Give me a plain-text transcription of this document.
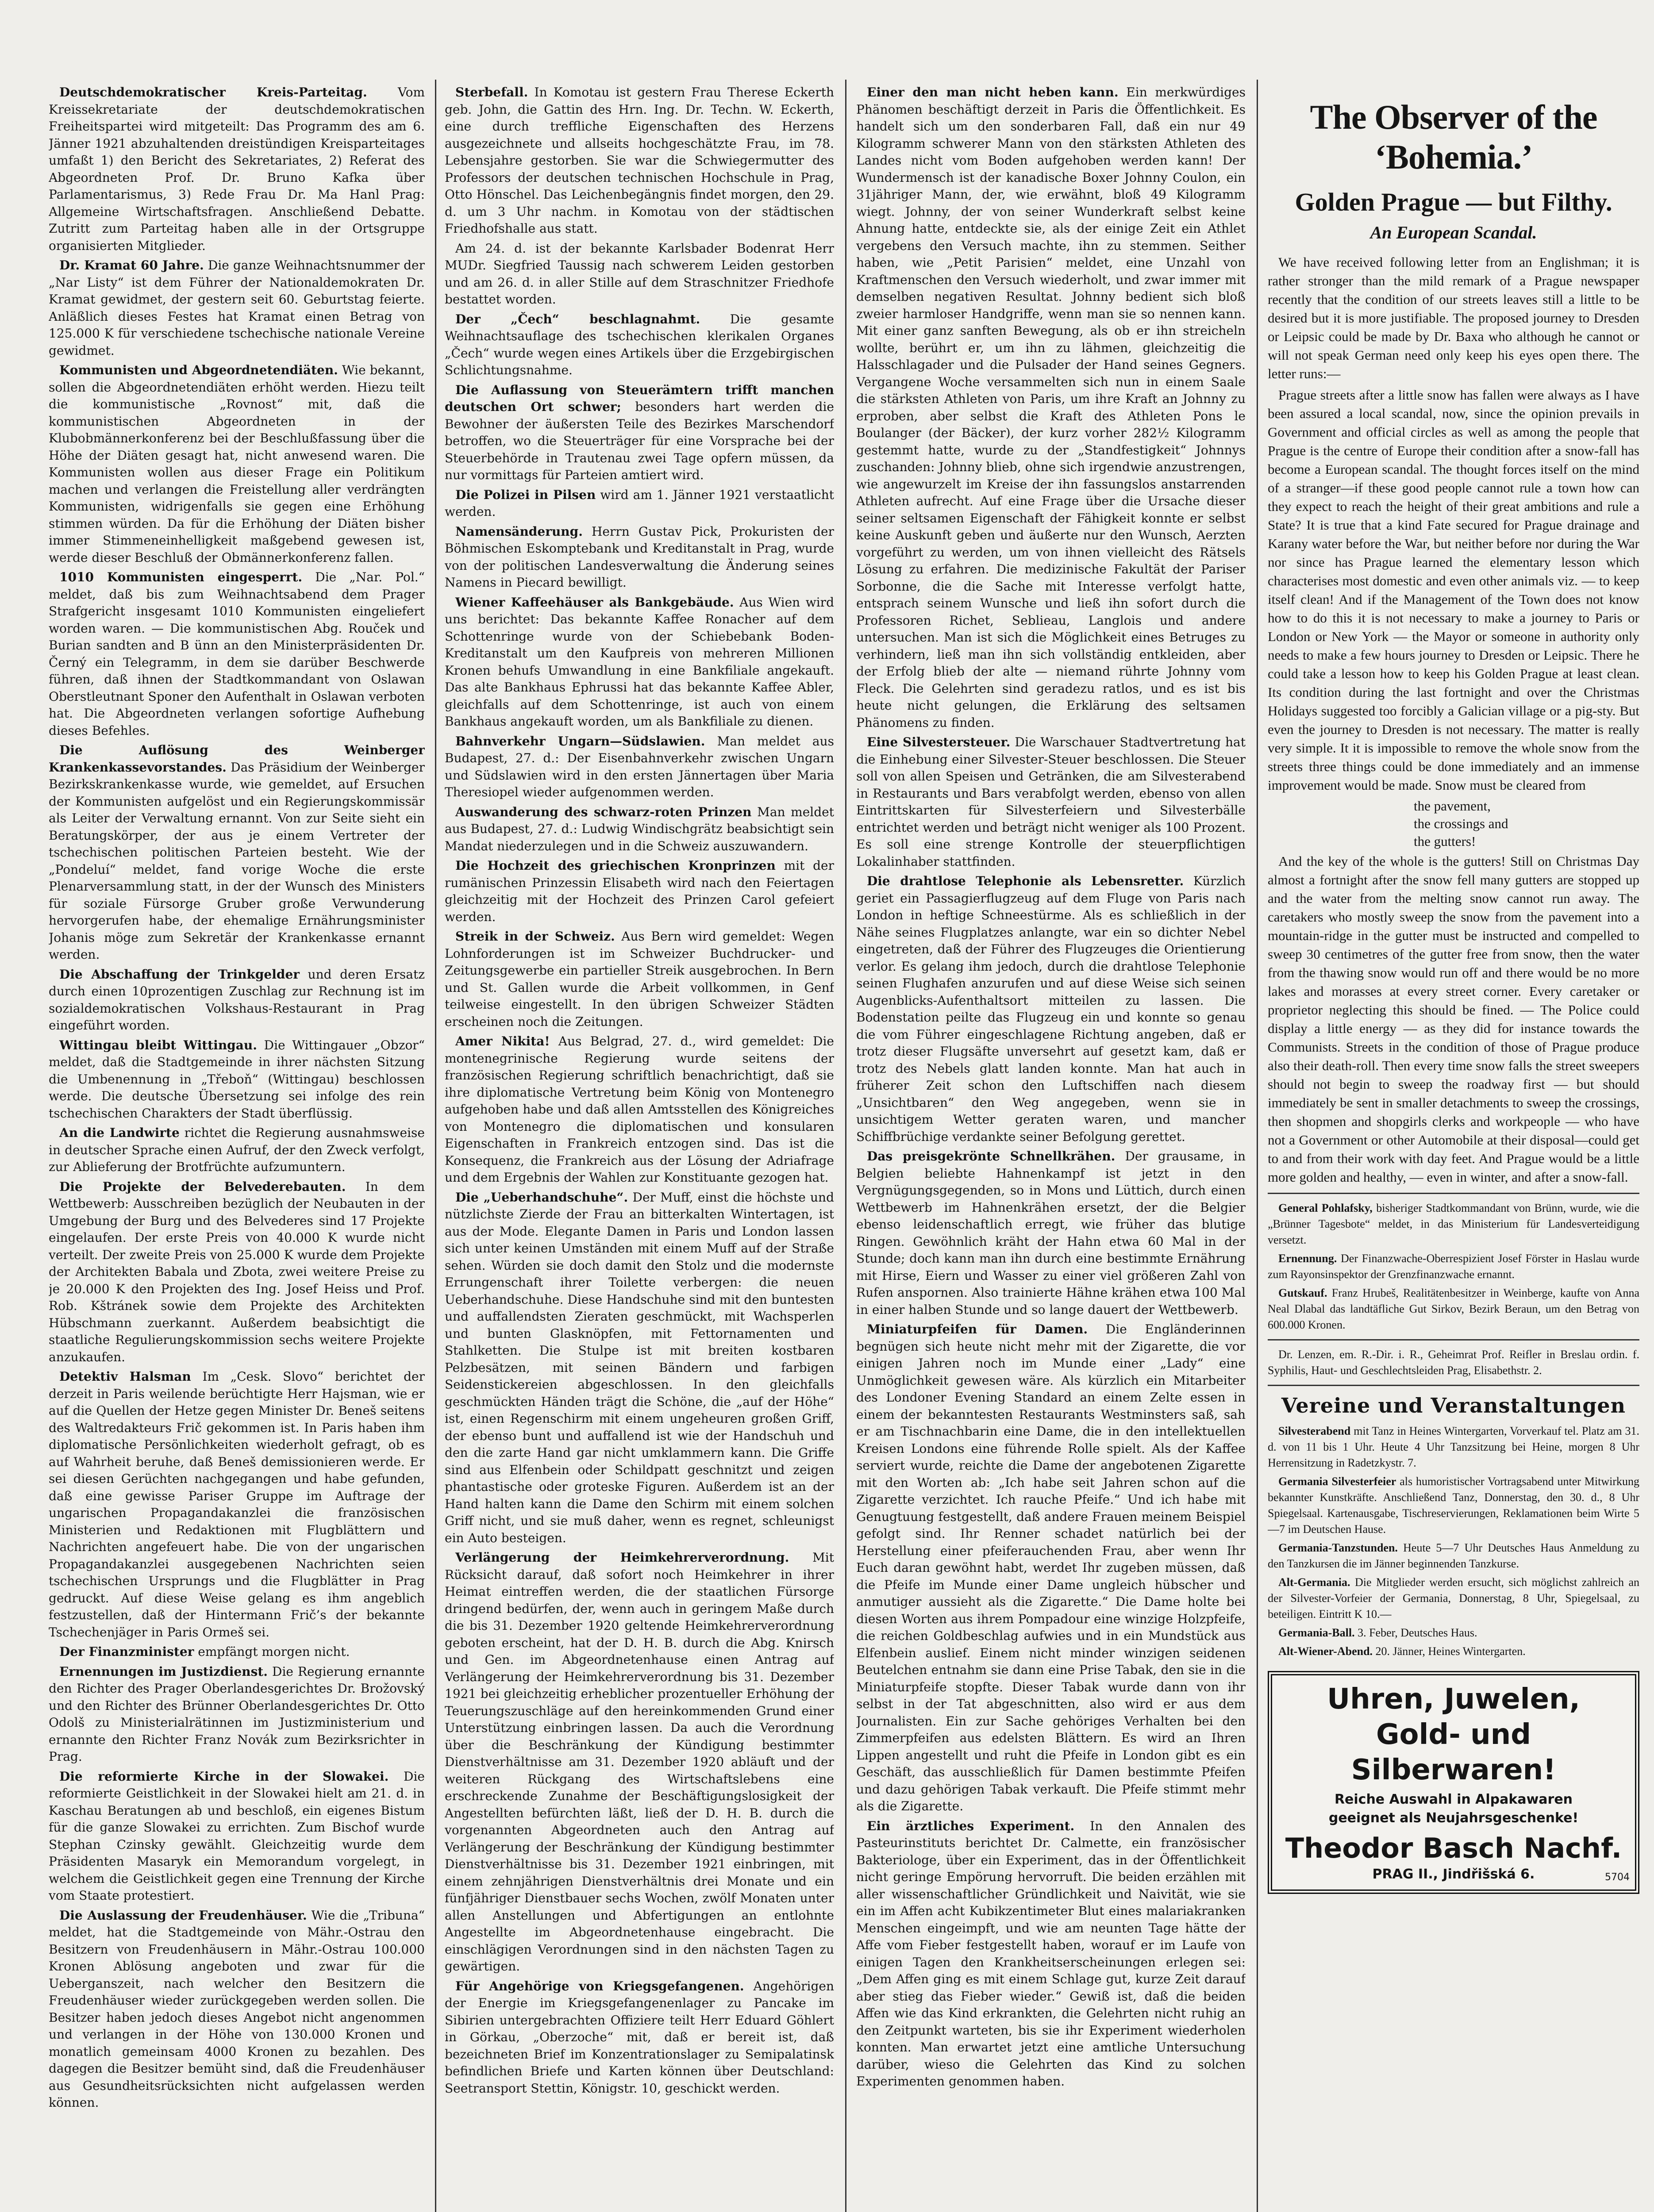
Deutschdemokratischer Kreis-Parteitag. Vom Kreissekretariate der deutschdemokratischen Freiheitspartei wird mitgeteilt: Das Programm des am 6. Jänner 1921 abzuhaltenden dreistündigen Kreisparteitages umfaßt 1) den Bericht des Sekretariates, 2) Referat des Abgeordneten Prof. Dr. Bruno Kafka über Parlamentarismus, 3) Rede Frau Dr. Ma Hanl Prag: Allgemeine Wirtschaftsfragen. Anschließend Debatte. Zutritt zum Parteitag haben alle in der Ortsgruppe organisierten Mitglieder.

Dr. Kramat 60 Jahre. Die ganze Weihnachtsnummer der „Nar Listy“ ist dem Führer der Nationaldemokraten Dr. Kramat gewidmet, der gestern seit 60. Geburtstag feierte. Anläßlich dieses Festes hat Kramat einen Betrag von 125.000 K für verschiedene tschechische nationale Vereine gewidmet.

Kommunisten und Abgeordnetendiäten. Wie bekannt, sollen die Abgeordnetendiäten erhöht werden. Hiezu teilt die kommunistische „Rovnost“ mit, daß die kommunistischen Abgeordneten in der Klubobmännerkonferenz bei der Beschlußfassung über die Höhe der Diäten gesagt hat, nicht anwesend waren. Die Kommunisten wollen aus dieser Frage ein Politikum machen und verlangen die Freistellung aller verdrängten Kommunisten, widrigenfalls sie gegen eine Erhöhung stimmen würden. Da für die Erhöhung der Diäten bisher immer Stimmeneinhelligkeit maßgebend gewesen ist, werde dieser Beschluß der Obmännerkonferenz fallen.

1010 Kommunisten eingesperrt. Die „Nar. Pol.“ meldet, daß bis zum Weihnachtsabend dem Prager Strafgericht insgesamt 1010 Kommunisten eingeliefert worden waren. — Die kommunistischen Abg. Rouček und Burian sandten and B ünn an den Ministerpräsidenten Dr. Černý ein Telegramm, in dem sie darüber Beschwerde führen, daß ihnen der Stadtkommandant von Oslawan Oberstleutnant Sponer den Aufenthalt in Oslawan verboten hat. Die Abgeordneten verlangen sofortige Aufhebung dieses Befehles.

Die Auflösung des Weinberger Krankenkassevorstandes. Das Präsidium der Weinberger Bezirkskrankenkasse wurde, wie gemeldet, auf Ersuchen der Kommunisten aufgelöst und ein Regierungskommissär als Leiter der Verwaltung ernannt. Von zur Seite sieht ein Beratungskörper, der aus je einem Vertreter der tschechischen politischen Parteien besteht. Wie der „Pondeluí“ meldet, fand vorige Woche die erste Plenarversammlung statt, in der der Wunsch des Ministers für soziale Fürsorge Gruber große Verwunderung hervorgerufen habe, der ehemalige Ernährungsminister Johanis möge zum Sekretär der Krankenkasse ernannt werden.

Die Abschaffung der Trinkgelder und deren Ersatz durch einen 10prozentigen Zuschlag zur Rechnung ist im sozialdemokratischen Volkshaus-Restaurant in Prag eingeführt worden.

Wittingau bleibt Wittingau. Die Wittingauer „Obzor“ meldet, daß die Stadtgemeinde in ihrer nächsten Sitzung die Umbenennung in „Třeboň“ (Wittingau) beschlossen werde. Die deutsche Übersetzung sei infolge des rein tschechischen Charakters der Stadt überflüssig.

An die Landwirte richtet die Regierung ausnahmsweise in deutscher Sprache einen Aufruf, der den Zweck verfolgt, zur Ablieferung der Brotfrüchte aufzumuntern.

Die Projekte der Belvederebauten. In dem Wettbewerb: Ausschreiben bezüglich der Neubauten in der Umgebung der Burg und des Belvederes sind 17 Projekte eingelaufen. Der erste Preis von 40.000 K wurde nicht verteilt. Der zweite Preis von 25.000 K wurde dem Projekte der Architekten Babala und Zbota, zwei weitere Preise zu je 20.000 K den Projekten des Ing. Josef Heiss und Prof. Rob. Kštránek sowie dem Projekte des Architekten Hübschmann zuerkannt. Außerdem beabsichtigt die staatliche Regulierungskommission sechs weitere Projekte anzukaufen.

Detektiv Halsman Im „Cesk. Slovo“ berichtet der derzeit in Paris weilende berüchtigte Herr Hajsman, wie er auf die Quellen der Hetze gegen Minister Dr. Beneš seitens des Waltredakteurs Frič gekommen ist. In Paris haben ihm diplomatische Persönlichkeiten wiederholt gefragt, ob es auf Wahrheit beruhe, daß Beneš demissionieren werde. Er sei diesen Gerüchten nachgegangen und habe gefunden, daß eine gewisse Pariser Gruppe im Auftrage der ungarischen Propagandakanzlei die französischen Ministerien und Redaktionen mit Flugblättern und Nachrichten angefeuert habe. Die von der ungarischen Propagandakanzlei ausgegebenen Nachrichten seien tschechischen Ursprungs und die Flugblätter in Prag gedruckt. Auf diese Weise gelang es ihm angeblich festzustellen, daß der Hintermann Frič’s der bekannte Tschechenjäger in Paris Ormeš sei.

Der Finanzminister empfängt morgen nicht.

Ernennungen im Justizdienst. Die Regierung ernannte den Richter des Prager Oberlandesgerichtes Dr. Brožovský und den Richter des Brünner Oberlandesgerichtes Dr. Otto Odolš zu Ministerialrätinnen im Justizministerium und ernannte den Richter Franz Novák zum Bezirksrichter in Prag.

Die reformierte Kirche in der Slowakei. Die reformierte Geistlichkeit in der Slowakei hielt am 21. d. in Kaschau Beratungen ab und beschloß, ein eigenes Bistum für die ganze Slowakei zu errichten. Zum Bischof wurde Stephan Czinsky gewählt. Gleichzeitig wurde dem Präsidenten Masaryk ein Memorandum vorgelegt, in welchem die Geistlichkeit gegen eine Trennung der Kirche vom Staate protestiert.

Die Auslassung der Freudenhäuser. Wie die „Tribuna“ meldet, hat die Stadtgemeinde von Mähr.-Ostrau den Besitzern von Freudenhäusern in Mähr.-Ostrau 100.000 Kronen Ablösung angeboten und zwar für die Ueberganszeit, nach welcher den Besitzern die Freudenhäuser wieder zurückgegeben werden sollen. Die Besitzer haben jedoch dieses Angebot nicht angenommen und verlangen in der Höhe von 130.000 Kronen und monatlich gemeinsam 4000 Kronen zu bezahlen. Des dagegen die Besitzer bemüht sind, daß die Freudenhäuser aus Gesundheitsrücksichten nicht aufgelassen werden können.

Sterbefall. In Komotau ist gestern Frau Therese Eckerth geb. John, die Gattin des Hrn. Ing. Dr. Techn. W. Eckerth, eine durch treffliche Eigenschaften des Herzens ausgezeichnete und allseits hochgeschätzte Frau, im 78. Lebensjahre gestorben. Sie war die Schwiegermutter des Professors der deutschen technischen Hochschule in Prag, Otto Hönschel. Das Leichenbegängnis findet morgen, den 29. d. um 3 Uhr nachm. in Komotau von der städtischen Friedhofshalle aus statt.

Am 24. d. ist der bekannte Karlsbader Bodenrat Herr MUDr. Siegfried Taussig nach schwerem Leiden gestorben und am 26. d. in aller Stille auf dem Straschnitzer Friedhofe bestattet worden.

Der „Čech“ beschlagnahmt. Die gesamte Weihnachtsauflage des tschechischen klerikalen Organes „Čech“ wurde wegen eines Artikels über die Erzgebirgischen Schlichtungsnahme.

Die Auflassung von Steuerämtern trifft manchen deutschen Ort schwer; besonders hart werden die Bewohner der äußersten Teile des Bezirkes Marschendorf betroffen, wo die Steuerträger für eine Vorsprache bei der Steuerbehörde in Trautenau zwei Tage opfern müssen, da nur vormittags für Parteien amtiert wird.

Die Polizei in Pilsen wird am 1. Jänner 1921 verstaatlicht werden.

Namensänderung. Herrn Gustav Pick, Prokuristen der Böhmischen Eskomptebank und Kreditanstalt in Prag, wurde von der politischen Landesverwaltung die Änderung seines Namens in Piecard bewilligt.

Wiener Kaffeehäuser als Bankgebäude. Aus Wien wird uns berichtet: Das bekannte Kaffee Ronacher auf dem Schottenringe wurde von der Schiebebank Boden-Kreditanstalt um den Kaufpreis von mehreren Millionen Kronen behufs Umwandlung in eine Bankfiliale angekauft. Das alte Bankhaus Ephrussi hat das bekannte Kaffee Abler, gleichfalls auf dem Schottenringe, ist auch von einem Bankhaus angekauft worden, um als Bankfiliale zu dienen.

Bahnverkehr Ungarn—Südslawien. Man meldet aus Budapest, 27. d.: Der Eisenbahnverkehr zwischen Ungarn und Südslawien wird in den ersten Jännertagen über Maria Theresiopel wieder aufgenommen werden.

Auswanderung des schwarz-roten Prinzen Man meldet aus Budapest, 27. d.: Ludwig Windischgrätz beabsichtigt sein Mandat niederzulegen und in die Schweiz auszuwandern.

Die Hochzeit des griechischen Kronprinzen mit der rumänischen Prinzessin Elisabeth wird nach den Feiertagen gleichzeitig mit der Hochzeit des Prinzen Carol gefeiert werden.

Streik in der Schweiz. Aus Bern wird gemeldet: Wegen Lohnforderungen ist im Schweizer Buchdrucker- und Zeitungsgewerbe ein partieller Streik ausgebrochen. In Bern und St. Gallen wurde die Arbeit vollkommen, in Genf teilweise eingestellt. In den übrigen Schweizer Städten erscheinen noch die Zeitungen.

Amer Nikita! Aus Belgrad, 27. d., wird gemeldet: Die montenegrinische Regierung wurde seitens der französischen Regierung schriftlich benachrichtigt, daß sie ihre diplomatische Vertretung beim König von Montenegro aufgehoben habe und daß allen Amtsstellen des Königreiches von Montenegro die diplomatischen und konsularen Eigenschaften in Frankreich entzogen sind. Das ist die Konsequenz, die Frankreich aus der Lösung der Adriafrage und dem Ergebnis der Wahlen zur Konstituante gezogen hat.

Die „Ueberhandschuhe“. Der Muff, einst die höchste und nützlichste Zierde der Frau an bitterkalten Wintertagen, ist aus der Mode. Elegante Damen in Paris und London lassen sich unter keinen Umständen mit einem Muff auf der Straße sehen. Würden sie doch damit den Stolz und die modernste Errungenschaft ihrer Toilette verbergen: die neuen Ueberhandschuhe. Diese Handschuhe sind mit den buntesten und auffallendsten Zieraten geschmückt, mit Wachsperlen und bunten Glasknöpfen, mit Fettornamenten und Stahlketten. Die Stulpe ist mit breiten kostbaren Pelzbesätzen, mit seinen Bändern und farbigen Seidenstickereien abgeschlossen. In den gleichfalls geschmückten Händen trägt die Schöne, die „auf der Höhe“ ist, einen Regenschirm mit einem ungeheuren großen Griff, der ebenso bunt und auffallend ist wie der Handschuh und den die zarte Hand gar nicht umklammern kann. Die Griffe sind aus Elfenbein oder Schildpatt geschnitzt und zeigen phantastische oder groteske Figuren. Außerdem ist an der Hand halten kann die Dame den Schirm mit einem solchen Griff nicht, und sie muß daher, wenn es regnet, schleunigst ein Auto besteigen.

Verlängerung der Heimkehrerverordnung. Mit Rücksicht darauf, daß sofort noch Heimkehrer in ihrer Heimat eintreffen werden, die der staatlichen Fürsorge dringend bedürfen, der, wenn auch in geringem Maße durch die bis 31. Dezember 1920 geltende Heimkehrerverordnung geboten erscheint, hat der D. H. B. durch die Abg. Knirsch und Gen. im Abgeordnetenhause einen Antrag auf Verlängerung der Heimkehrerverordnung bis 31. Dezember 1921 bei gleichzeitig erheblicher prozentueller Erhöhung der Teuerungszuschläge auf den hereinkommenden Grund einer Unterstützung einbringen lassen. Da auch die Verordnung über die Beschränkung der Kündigung bestimmter Dienstverhältnisse am 31. Dezember 1920 abläuft und der weiteren Rückgang des Wirtschaftslebens eine erschreckende Zunahme der Beschäftigungslosigkeit der Angestellten befürchten läßt, ließ der D. H. B. durch die vorgenannten Abgeordneten auch den Antrag auf Verlängerung der Beschränkung der Kündigung bestimmter Dienstverhältnisse bis 31. Dezember 1921 einbringen, mit einem zehnjährigen Dienstverhältnis drei Monate und ein fünfjähriger Dienstbauer sechs Wochen, zwölf Monaten unter allen Anstellungen und Abfertigungen an entlohnte Angestellte im Abgeordnetenhause eingebracht. Die einschlägigen Verordnungen sind in den nächsten Tagen zu gewärtigen.

Für Angehörige von Kriegsgefangenen. Angehörigen der Energie im Kriegsgefangenenlager zu Pancake im Sibirien untergebrachten Offiziere teilt Herr Eduard Göhlert in Görkau, „Oberzoche“ mit, daß er bereit ist, daß bezeichneten Brief im Konzentrationslager zu Semipalatinsk befindlichen Briefe und Karten können über Deutschland: Seetransport Stettin, Königstr. 10, geschickt werden.

Einer den man nicht heben kann. Ein merkwürdiges Phänomen beschäftigt derzeit in Paris die Öffentlichkeit. Es handelt sich um den sonderbaren Fall, daß ein nur 49 Kilogramm schwerer Mann von den stärksten Athleten des Landes nicht vom Boden aufgehoben werden kann! Der Wundermensch ist der kanadische Boxer Johnny Coulon, ein 31jähriger Mann, der, wie erwähnt, bloß 49 Kilogramm wiegt. Johnny, der von seiner Wunderkraft selbst keine Ahnung hatte, entdeckte sie, als der einige Zeit ein Athlet vergebens den Versuch machte, ihn zu stemmen. Seither haben, wie „Petit Parisien“ meldet, eine Unzahl von Kraftmenschen den Versuch wiederholt, und zwar immer mit demselben negativen Resultat. Johnny bedient sich bloß zweier harmloser Handgriffe, wenn man sie so nennen kann. Mit einer ganz sanften Bewegung, als ob er ihn streicheln wollte, berührt er, um ihn zu lähmen, gleichzeitig die Halsschlagader und die Pulsader der Hand seines Gegners. Vergangene Woche versammelten sich nun in einem Saale die stärksten Athleten von Paris, um ihre Kraft an Johnny zu erproben, aber selbst die Kraft des Athleten Pons le Boulanger (der Bäcker), der kurz vorher 282½ Kilogramm gestemmt hatte, wurde zu der „Standfestigkeit“ Johnnys zuschanden: Johnny blieb, ohne sich irgendwie anzustrengen, wie angewurzelt im Kreise der ihn fassungslos anstarrenden Athleten aufrecht. Auf eine Frage über die Ursache dieser seiner seltsamen Eigenschaft der Fähigkeit konnte er selbst keine Auskunft geben und äußerte nur den Wunsch, Aerzten vorgeführt zu werden, um von ihnen vielleicht des Rätsels Lösung zu erfahren. Die medizinische Fakultät der Pariser Sorbonne, die die Sache mit Interesse verfolgt hatte, entsprach seinem Wunsche und ließ ihn sofort durch die Professoren Richet, Seblieau, Langlois und andere untersuchen. Man ist sich die Möglichkeit eines Betruges zu verhindern, ließ man ihn sich vollständig entkleiden, aber der Erfolg blieb der alte — niemand rührte Johnny vom Fleck. Die Gelehrten sind geradezu ratlos, und es ist bis heute nicht gelungen, die Erklärung des seltsamen Phänomens zu finden.

Eine Silvestersteuer. Die Warschauer Stadtvertretung hat die Einhebung einer Silvester-Steuer beschlossen. Die Steuer soll von allen Speisen und Getränken, die am Silvesterabend in Restaurants und Bars verabfolgt werden, ebenso von allen Eintrittskarten für Silvesterfeiern und Silvesterbälle entrichtet werden und beträgt nicht weniger als 100 Prozent. Es soll eine strenge Kontrolle der steuerpflichtigen Lokalinhaber stattfinden.

Die drahtlose Telephonie als Lebensretter. Kürzlich geriet ein Passagierflugzeug auf dem Fluge von Paris nach London in heftige Schneestürme. Als es schließlich in der Nähe seines Flugplatzes anlangte, war ein so dichter Nebel eingetreten, daß der Führer des Flugzeuges die Orientierung verlor. Es gelang ihm jedoch, durch die drahtlose Telephonie seinen Flughafen anzurufen und auf diese Weise sich seinen Augenblicks-Aufenthaltsort mitteilen zu lassen. Die Bodenstation peilte das Flugzeug ein und konnte so genau die vom Führer eingeschlagene Richtung angeben, daß er trotz dieser Flugsäfte unversehrt auf gesetzt kam, daß er trotz des Nebels glatt landen konnte. Man hat auch in früherer Zeit schon den Luftschiffen nach diesem „Unsichtbaren“ den Weg angegeben, wenn sie in unsichtigem Wetter geraten waren, und mancher Schiffbrüchige verdankte seiner Befolgung gerettet.

Das preisgekrönte Schnellkrähen. Der grausame, in Belgien beliebte Hahnenkampf ist jetzt in den Vergnügungsgegenden, so in Mons und Lüttich, durch einen Wettbewerb im Hahnenkrähen ersetzt, der die Belgier ebenso leidenschaftlich erregt, wie früher das blutige Ringen. Gewöhnlich kräht der Hahn etwa 60 Mal in der Stunde; doch kann man ihn durch eine bestimmte Ernährung mit Hirse, Eiern und Wasser zu einer viel größeren Zahl von Rufen anspornen. Also trainierte Hähne krähen etwa 100 Mal in einer halben Stunde und so lange dauert der Wettbewerb.

Miniaturpfeifen für Damen. Die Engländerinnen begnügen sich heute nicht mehr mit der Zigarette, die vor einigen Jahren noch im Munde einer „Lady“ eine Unmöglichkeit gewesen wäre. Als kürzlich ein Mitarbeiter des Londoner Evening Standard an einem Zelte essen in einem der bekanntesten Restaurants Westminsters saß, sah er am Tischnachbarin eine Dame, die in den intellektuellen Kreisen Londons eine führende Rolle spielt. Als der Kaffee serviert wurde, reichte die Dame der angebotenen Zigarette mit den Worten ab: „Ich habe seit Jahren schon auf die Zigarette verzichtet. Ich rauche Pfeife.“ Und ich habe mit Genugtuung festgestellt, daß andere Frauen meinem Beispiel gefolgt sind. Ihr Renner schadet natürlich bei der Herstellung einer pfeiferauchenden Frau, aber wenn Ihr Euch daran gewöhnt habt, werdet Ihr zugeben müssen, daß die Pfeife im Munde einer Dame ungleich hübscher und anmutiger aussieht als die Zigarette.“ Die Dame holte bei diesen Worten aus ihrem Pompadour eine winzige Holzpfeife, die reichen Goldbeschlag aufwies und in ein Mundstück aus Elfenbein auslief. Einem nicht minder winzigen seidenen Beutelchen entnahm sie dann eine Prise Tabak, den sie in die Miniaturpfeife stopfte. Dieser Tabak wurde dann von ihr selbst in der Tat abgeschnitten, also wird er aus dem Journalisten. Ein zur Sache gehöriges Verhalten bei den Zimmerpfeifen aus edelsten Blättern. Es wird an Ihren Lippen angestellt und ruht die Pfeife in London gibt es ein Geschäft, das ausschließlich für Damen bestimmte Pfeifen und dazu gehörigen Tabak verkauft. Die Pfeife stimmt mehr als die Zigarette.

Ein ärztliches Experiment. In den Annalen des Pasteurinstituts berichtet Dr. Calmette, ein französischer Bakteriologe, über ein Experiment, das in der Öffentlichkeit nicht geringe Empörung hervorruft. Die beiden erzählen mit aller wissenschaftlicher Gründlichkeit und Naivität, wie sie ein im Affen acht Kubikzentimeter Blut eines malariakranken Menschen eingeimpft, und wie am neunten Tage hätte der Affe vom Fieber festgestellt haben, worauf er im Laufe von einigen Tagen den Krankheitserscheinungen erlegen sei: „Dem Affen ging es mit einem Schlage gut, kurze Zeit darauf aber stieg das Fieber wieder.“ Gewiß ist, daß die beiden Affen wie das Kind erkrankten, die Gelehrten nicht ruhig an den Zeitpunkt warteten, bis sie ihr Experiment wiederholen konnten. Man erwartet jetzt eine amtliche Untersuchung darüber, wieso die Gelehrten das Kind zu solchen Experimenten genommen haben.

The Observer of the ‘Bohemia.’
Golden Prague — but Filthy.
An European Scandal.

We have received following letter from an Englishman; it is rather stronger than the mild remark of a Prague newspaper recently that the condition of our streets leaves still a little to be desired but it is more justifiable. The proposed journey to Dresden or Leipsic could be made by Dr. Baxa who although he cannot or will not speak German need only keep his eyes open there. The letter runs:—

Prague streets after a little snow has fallen were always as I have been assured a local scandal, now, since the opinion prevails in Government and official circles as well as among the people that Prague is the centre of Europe their condition after a snow-fall has become a European scandal. The thought forces itself on the mind of a stranger—if these good people cannot rule a town how can they expect to reach the height of their great ambitions and rule a State? It is true that a kind Fate secured for Prague drainage and Karany water before the War, but neither before nor during the War nor since has Prague learned the elementary lesson which characterises most domestic and even other animals viz. — to keep itself clean! And if the Management of the Town does not know how to do this it is not necessary to make a journey to Paris or London or New York — the Mayor or someone in authority only needs to make a few hours journey to Dresden or Leipsic. There he could take a lesson how to keep his Golden Prague at least clean. Its condition during the last fortnight and over the Christmas Holidays suggested too forcibly a Galician village or a pig-sty. But even the journey to Dresden is not necessary. The matter is really very simple. It it is impossible to remove the whole snow from the streets three things could be done immediately and an immense improvement would be made. Snow must be cleared from

the pavement,
the crossings and
the gutters!

And the key of the whole is the gutters! Still on Christmas Day almost a fortnight after the snow fell many gutters are stopped up and the water from the melting snow cannot run away. The caretakers who mostly sweep the snow from the pavement into a mountain-ridge in the gutter must be instructed and compelled to sweep 30 centimetres of the gutter free from snow, then the water from the thawing snow would run off and there would be no more lakes and morasses at every street corner. Every caretaker or proprietor neglecting this should be fined. — The Police could display a little energy — as they did for instance towards the Communists. Streets in the condition of those of Prague produce also their death-roll. Then every time snow falls the street sweepers should not begin to sweep the roadway first — but should immediately be sent in smaller detachments to sweep the crossings, then shopmen and shopgirls clerks and workpeople — who have not a Government or other Automobile at their disposal—could get to and from their work with day feet. And Prague would be a little more golden and healthy, — even in winter, and after a snow-fall.

General Pohlafsky, bisheriger Stadtkommandant von Brünn, wurde, wie die „Brünner Tagesbote“ meldet, in das Ministerium für Landesverteidigung versetzt.

Ernennung. Der Finanzwache-Oberrespizient Josef Förster in Haslau wurde zum Rayonsinspektor der Grenzfinanzwache ernannt.

Gutskauf. Franz Hrubeš, Realitätenbesitzer in Weinberge, kaufte von Anna Neal Dlabal das landtäfliche Gut Sirkov, Bezirk Beraun, um den Betrag von 600.000 Kronen.

Dr. Lenzen, em. R.-Dir. i. R., Geheimrat Prof. Reifler in Breslau ordin. f. Syphilis, Haut- und Geschlechtsleiden Prag, Elisabethstr. 2.

Vereine und Veranstaltungen

Silvesterabend mit Tanz in Heines Wintergarten, Vorverkauf tel. Platz am 31. d. von 11 bis 1 Uhr. Heute 4 Uhr Tanzsitzung bei Heine, morgen 8 Uhr Herrensitzung in Radetzkystr. 7.

Germania Silvesterfeier als humoristischer Vortragsabend unter Mitwirkung bekannter Kunstkräfte. Anschließend Tanz, Donnerstag, den 30. d., 8 Uhr Spiegelsaal. Kartenausgabe, Tischreservierungen, Reklamationen beim Wirte 5—7 im Deutschen Hause.

Germania-Tanzstunden. Heute 5—7 Uhr Deutsches Haus Anmeldung zu den Tanzkursen die im Jänner beginnenden Tanzkurse.

Alt-Germania. Die Mitglieder werden ersucht, sich möglichst zahlreich an der Silvester-Vorfeier der Germania, Donnerstag, 8 Uhr, Spiegelsaal, zu beteiligen. Eintritt K 10.—

Germania-Ball. 3. Feber, Deutsches Haus.

Alt-Wiener-Abend. 20. Jänner, Heines Wintergarten.

Uhren, Juwelen,
Gold- und Silberwaren!
Reiche Auswahl in Alpakawaren
geeignet als Neujahrsgeschenke!
Theodor Basch Nachf.
PRAG II., Jindřišská 6.	5704
